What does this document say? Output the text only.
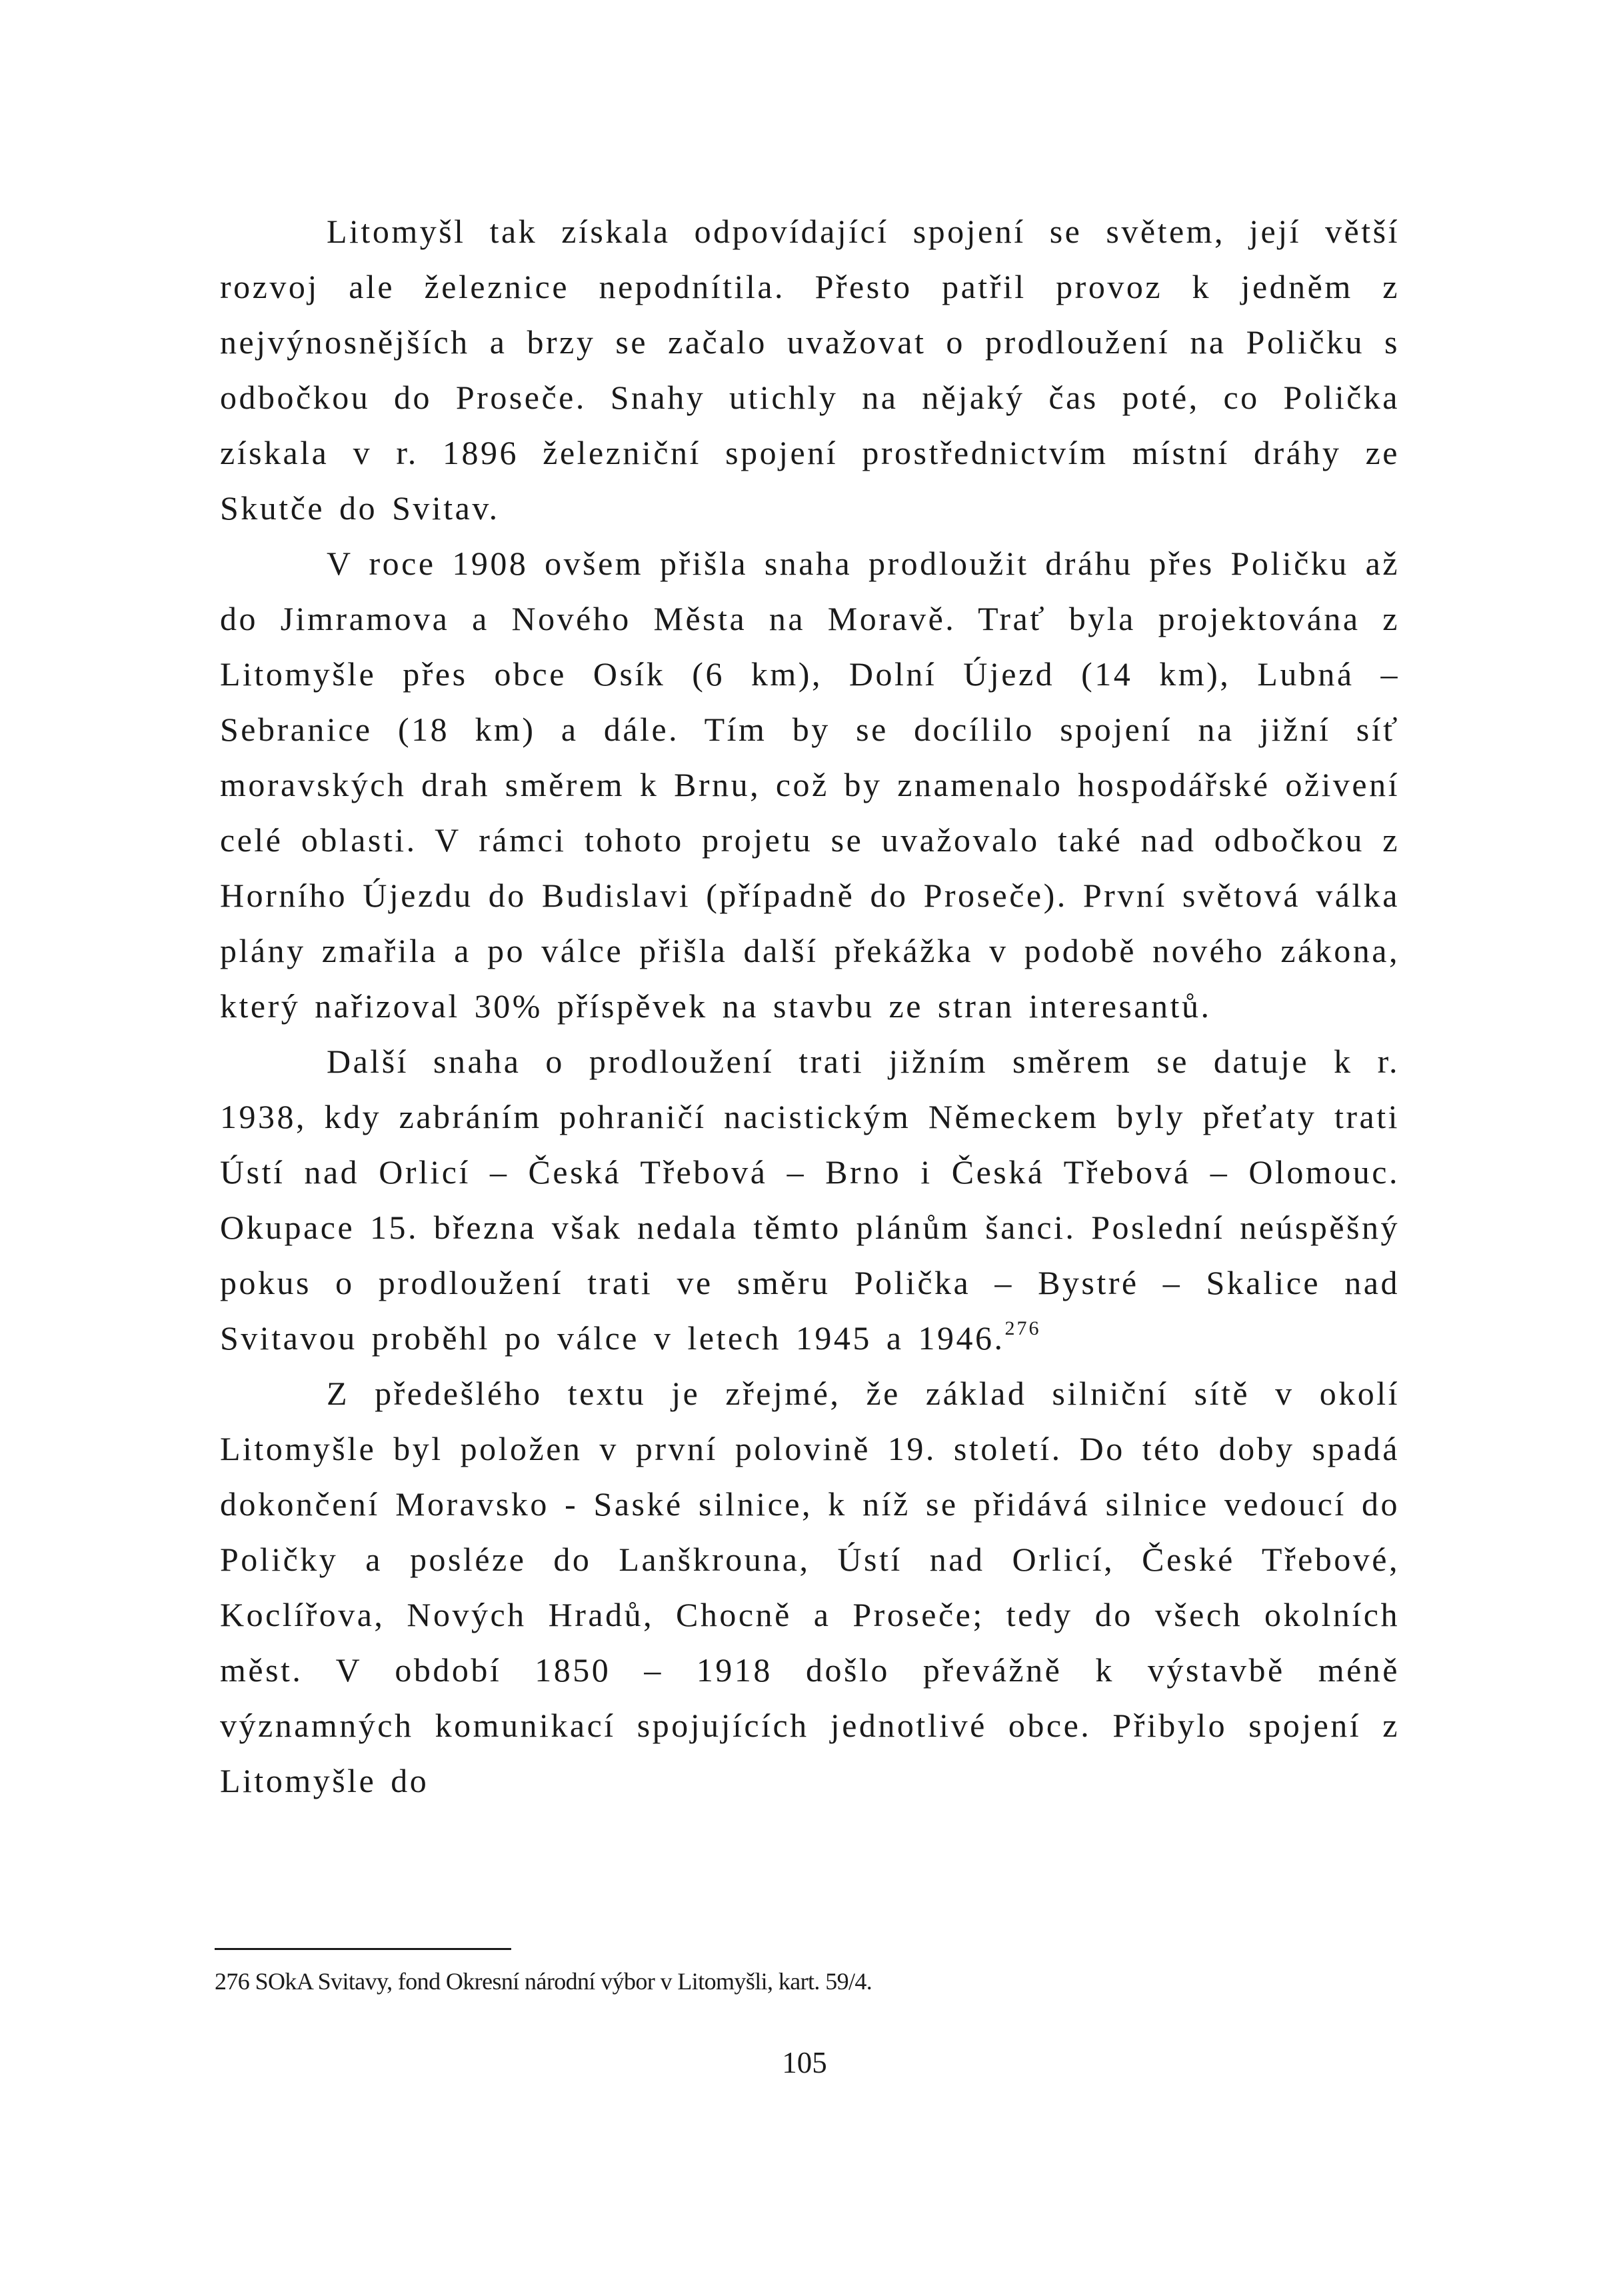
Litomyšl tak získala odpovídající spojení se světem, její větší rozvoj ale železnice nepodnítila. Přesto patřil provoz k jedněm z nejvýnosnějších a brzy se začalo uvažovat o prodloužení na Poličku s odbočkou do Proseče. Snahy utichly na nějaký čas poté, co Polička získala v r. 1896 železniční spojení prostřednictvím místní dráhy ze Skutče do Svitav.

V roce 1908 ovšem přišla snaha prodloužit dráhu přes Poličku až do Jimramova a Nového Města na Moravě. Trať byla projektována z Litomyšle přes obce Osík (6 km), Dolní Újezd (14 km), Lubná – Sebranice (18 km) a dále. Tím by se docílilo spojení na jižní síť moravských drah směrem k Brnu, což by znamenalo hospodářské oživení celé oblasti. V rámci tohoto projetu se uvažovalo také nad odbočkou z Horního Újezdu do Budislavi (případně do Proseče). První světová válka plány zmařila a po válce přišla další překážka v podobě nového zákona, který nařizoval 30% příspěvek na stavbu ze stran interesantů.

Další snaha o prodloužení trati jižním směrem se datuje k r. 1938, kdy zabráním pohraničí nacistickým Německem byly přeťaty trati Ústí nad Orlicí – Česká Třebová – Brno i Česká Třebová – Olomouc. Okupace 15. března však nedala těmto plánům šanci. Poslední neúspěšný pokus o prodloužení trati ve směru Polička – Bystré – Skalice nad Svitavou proběhl po válce v letech 1945 a 1946.$^{276}$

Z předešlého textu je zřejmé, že základ silniční sítě v okolí Litomyšle byl položen v první polovině 19. století. Do této doby spadá dokončení Moravsko - Saské silnice, k níž se přidává silnice vedoucí do Poličky a posléze do Lanškrouna, Ústí nad Orlicí, České Třebové, Koclířova, Nových Hradů, Chocně a Proseče; tedy do všech okolních měst. V období 1850 – 1918 došlo převážně k výstavbě méně významných komunikací spojujících jednotlivé obce. Přibylo spojení z Litomyšle do

276 SOkA Svitavy, fond Okresní národní výbor v Litomyšli, kart. 59/4.
105
